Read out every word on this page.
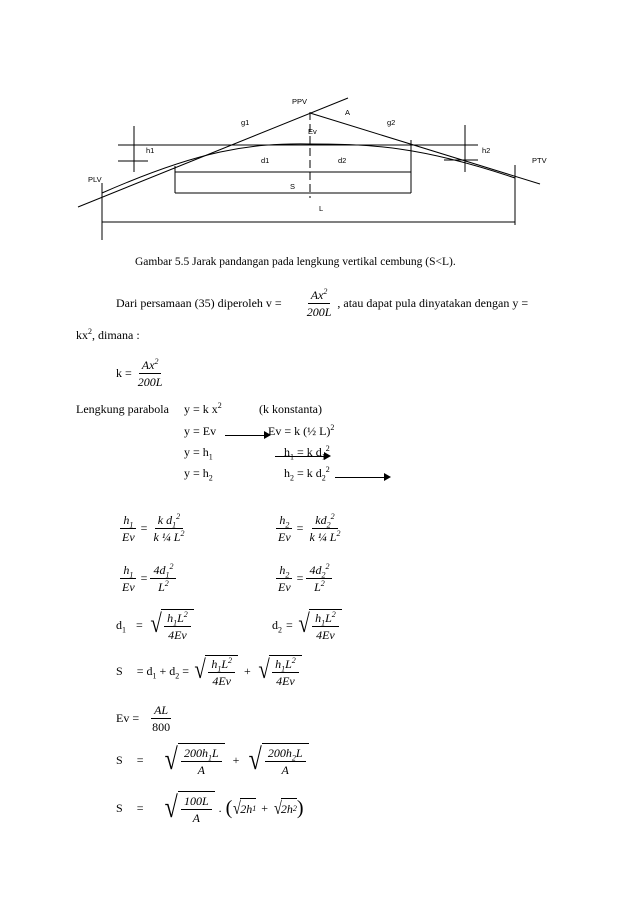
PPV
A
g1	g2
Ev
h1	h2
d1	d2
S
L
PLV
PTV
Gambar 5.5 Jarak pandangan pada lengkung vertikal cembung (S<L).
Dari persamaan (35) diperoleh $v = \frac{Ax^2}{200L}$ , atau dapat pula dinyatakan dengan y =
$kx^2$, dimana :
$k = \frac{Ax^2}{200L}$
Lengkung parabola y = k $x^2$	(k konstanta)
y = Ev
	Ev = k (½ L)$^2$
$y = h_1$
	$h_1 = k$ $d_1^2$
$y = h_2$	$h_2 = k$ $d_2^2$
$\frac{h_1}{Ev} = \frac{k d_1^2}{k \frac{1}{4} L^2}$	$\frac{h_2}{Ev} = \frac{kd_2^2}{k \frac{1}{4} L^2}$
$\frac{h_1}{Ev} = \frac{4d_1^2}{L^2}$	$\frac{h_2}{Ev} = \frac{4d_2^2}{L^2}$
$d_1$ = √ $\frac{h_1L^2}{4Ev}$	$d_2$ = √ $\frac{h_1L^2}{4Ev}$
$S = d_1 + d_2$ = √ $\frac{h_1L^2}{4Ev}$ + √ $\frac{h_1L^2}{4Ev}$
$Ev = \frac{AL}{800}$
S = √ $\frac{200h_1L}{A}$ + √ $\frac{200h_2L}{A}$
S = √ $\frac{100L}{A}$ . ( √
2h 1 + √
2h 2 )
